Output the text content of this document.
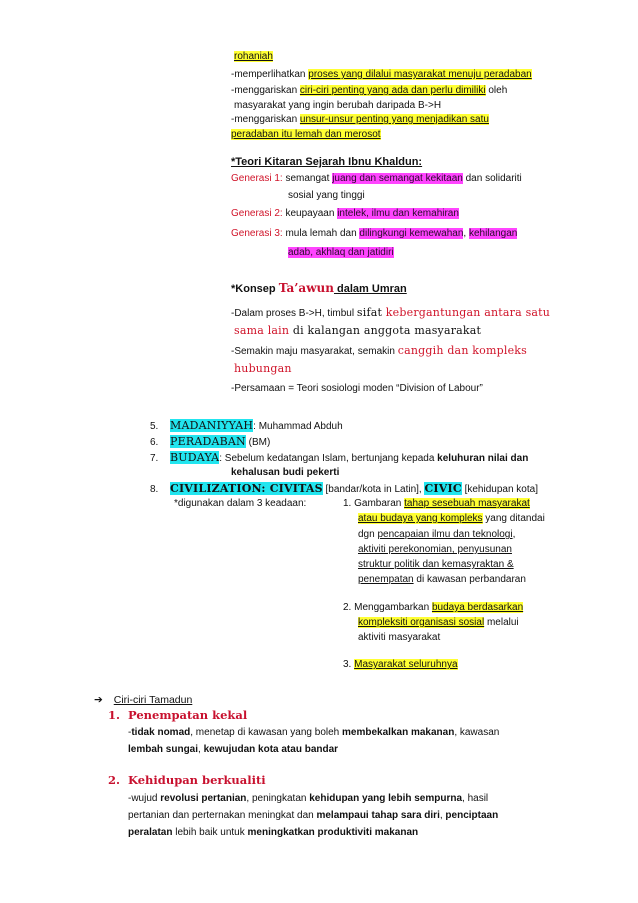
rohaniah
-memperlihatkan proses yang dilalui masyarakat menuju peradaban
-menggariskan ciri-ciri penting yang ada dan perlu dimiliki oleh
masyarakat yang ingin berubah daripada B->H
-menggariskan unsur-unsur penting yang menjadikan satu
peradaban itu lemah dan merosot
*Teori Kitaran Sejarah Ibnu Khaldun:
Generasi 1: semangat juang dan semangat kekitaan dan solidariti
sosial yang tinggi
Generasi 2: keupayaan intelek, ilmu dan kemahiran
Generasi 3: mula lemah dan dilingkungi kemewahan, kehilangan
adab, akhlaq dan jatidiri
*Konsep Ta’awun dalam Umran
-Dalam proses B->H, timbul sifat kebergantungan antara satu
sama lain di kalangan anggota masyarakat
-Semakin maju masyarakat, semakin canggih dan kompleks
hubungan
-Persamaan = Teori sosiologi moden “Division of Labour”
5. MADANIYYAH: Muhammad Abduh
6. PERADABAN (BM)
7. BUDAYA: Sebelum kedatangan Islam, bertunjang kepada keluhuran nilai dan
kehalusan budi pekerti
8. CIVILIZATION: CIVITAS [bandar/kota in Latin], CIVIC [kehidupan kota]
*digunakan dalam 3 keadaan:	1. Gambaran tahap sesebuah masyarakat
atau budaya yang kompleks yang ditandai
dgn pencapaian ilmu dan teknologi,
aktiviti perekonomian, penyusunan
struktur politik dan kemasyraktan &
penempatan di kawasan perbandaran
2. Menggambarkan budaya berdasarkan
kompleksiti organisasi sosial melalui
aktiviti masyarakat
3. Masyarakat seluruhnya
➔ Ciri-ciri Tamadun
1. Penempatan kekal
-tidak nomad, menetap di kawasan yang boleh membekalkan makanan, kawasan
lembah sungai, kewujudan kota atau bandar
2. Kehidupan berkualiti
-wujud revolusi pertanian, peningkatan kehidupan yang lebih sempurna, hasil
pertanian dan perternakan meningkat dan melampaui tahap sara diri, penciptaan
peralatan lebih baik untuk meningkatkan produktiviti makanan
